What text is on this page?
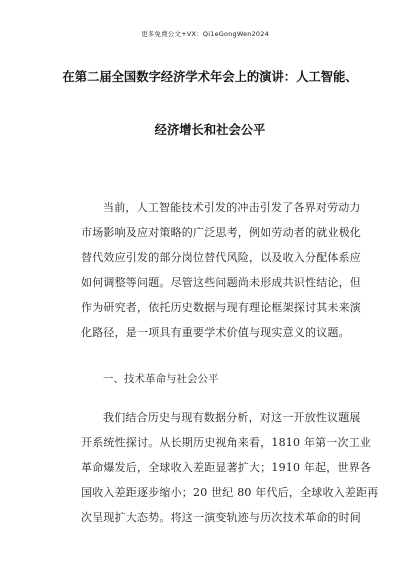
更多免费公文+VX：Qi1eGongWen2024
在第二届全国数字经济学术年会上的演讲：人工智能、
经济增长和社会公平
当前，人工智能技术引发的冲击引发了各界对劳动力
市场影响及应对策略的广泛思考，例如劳动者的就业极化
替代效应引发的部分岗位替代风险，以及收入分配体系应
如何调整等问题。尽管这些问题尚未形成共识性结论，但
作为研究者，依托历史数据与现有理论框架探讨其未来演
化路径，是一项具有重要学术价值与现实意义的议题。
一、技术革命与社会公平
我们结合历史与现有数据分析，对这一开放性议题展
开系统性探讨。从长期历史视角来看，1810 年第一次工业
革命爆发后，全球收入差距显著扩大；1910 年起，世界各
国收入差距逐步缩小；20 世纪 80 年代后，全球收入差距再
次呈现扩大态势。将这一演变轨迹与历次技术革命的时间
